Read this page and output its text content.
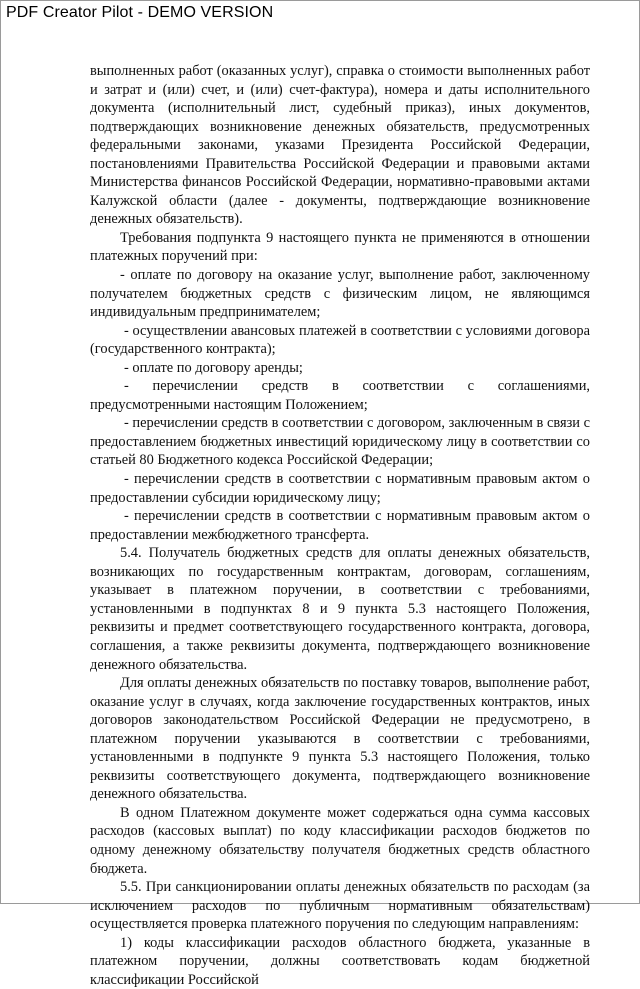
PDF Creator Pilot - DEMO VERSION

выполненных работ (оказанных услуг), справка о стоимости выполненных работ и затрат и (или) счет, и (или) счет-фактура), номера и даты исполнительного документа (исполнительный лист, судебный приказ), иных документов, подтверждающих возникновение денежных обязательств, предусмотренных федеральными законами, указами Президента Российской Федерации, постановлениями Правительства Российской Федерации и правовыми актами Министерства финансов Российской Федерации, нормативно-правовыми актами Калужской области (далее - документы, подтверждающие возникновение денежных обязательств).

Требования подпункта 9 настоящего пункта не применяются в отношении платежных поручений при:

- оплате по договору на оказание услуг, выполнение работ, заключенному получателем бюджетных средств с физическим лицом, не являющимся индивидуальным предпринимателем;

- осуществлении авансовых платежей в соответствии с условиями договора (государственного контракта);

- оплате по договору аренды;

- перечислении средств в соответствии с соглашениями, предусмотренными настоящим Положением;

- перечислении средств в соответствии с договором, заключенным в связи с предоставлением бюджетных инвестиций юридическому лицу в соответствии со статьей 80 Бюджетного кодекса Российской Федерации;

- перечислении средств в соответствии с нормативным правовым актом о предоставлении субсидии юридическому лицу;

- перечислении средств в соответствии с нормативным правовым актом о предоставлении межбюджетного трансферта.

5.4. Получатель бюджетных средств для оплаты денежных обязательств, возникающих по государственным контрактам, договорам, соглашениям, указывает в платежном поручении, в соответствии с требованиями, установленными в подпунктах 8 и 9 пункта 5.3 настоящего Положения, реквизиты и предмет соответствующего государственного контракта, договора, соглашения, а также реквизиты документа, подтверждающего возникновение денежного обязательства.

Для оплаты денежных обязательств по поставку товаров, выполнение работ, оказание услуг в случаях, когда заключение государственных контрактов, иных договоров законодательством Российской Федерации не предусмотрено, в платежном поручении указываются в соответствии с требованиями, установленными в подпункте 9 пункта 5.3 настоящего Положения, только реквизиты соответствующего документа, подтверждающего возникновение денежного обязательства.

В одном Платежном документе может содержаться одна сумма кассовых расходов (кассовых выплат) по коду классификации расходов бюджетов по одному денежному обязательству получателя бюджетных средств областного бюджета.

5.5. При санкционировании оплаты денежных обязательств по расходам (за исключением расходов по публичным нормативным обязательствам) осуществляется проверка платежного поручения по следующим направлениям:

1) коды классификации расходов областного бюджета, указанные в платежном поручении, должны соответствовать кодам бюджетной классификации Российской
